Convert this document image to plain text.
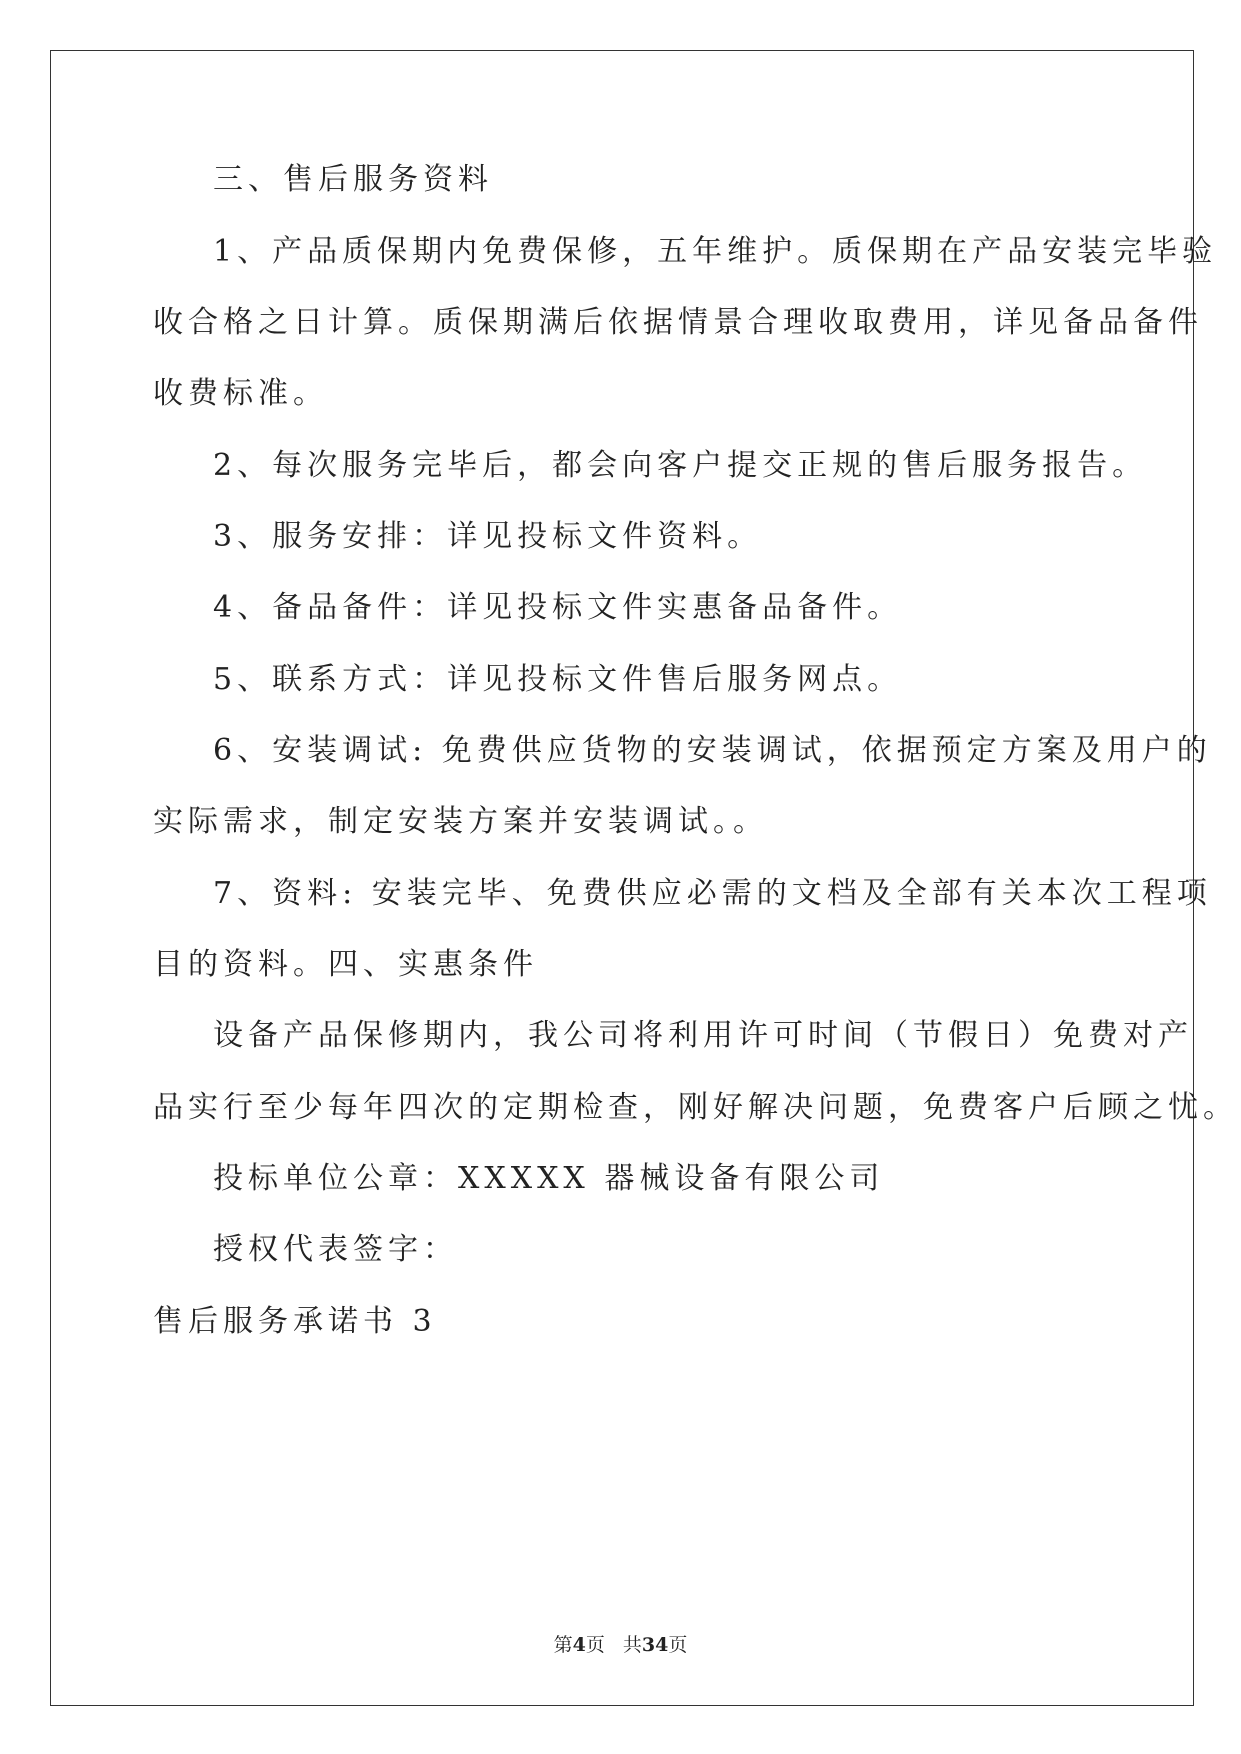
三、售后服务资料
1、产品质保期内免费保修，五年维护。质保期在产品安装完毕验
收合格之日计算。质保期满后依据情景合理收取费用，详见备品备件
收费标准。
2、每次服务完毕后，都会向客户提交正规的售后服务报告。
3、服务安排：详见投标文件资料。
4、备品备件：详见投标文件实惠备品备件。
5、联系方式：详见投标文件售后服务网点。
6、安装调试: 免费供应货物的安装调试，依据预定方案及用户的
实际需求，制定安装方案并安装调试。。
7、资料: 安装完毕、免费供应必需的文档及全部有关本次工程项
目的资料。四、实惠条件
设备产品保修期内，我公司将利用许可时间（节假日）免费对产
品实行至少每年四次的定期检查，刚好解决问题，免费客户后顾之忧。
投标单位公章：XXXXX 器械设备有限公司
授权代表签字：
售后服务承诺书 3
第4页 共34页
